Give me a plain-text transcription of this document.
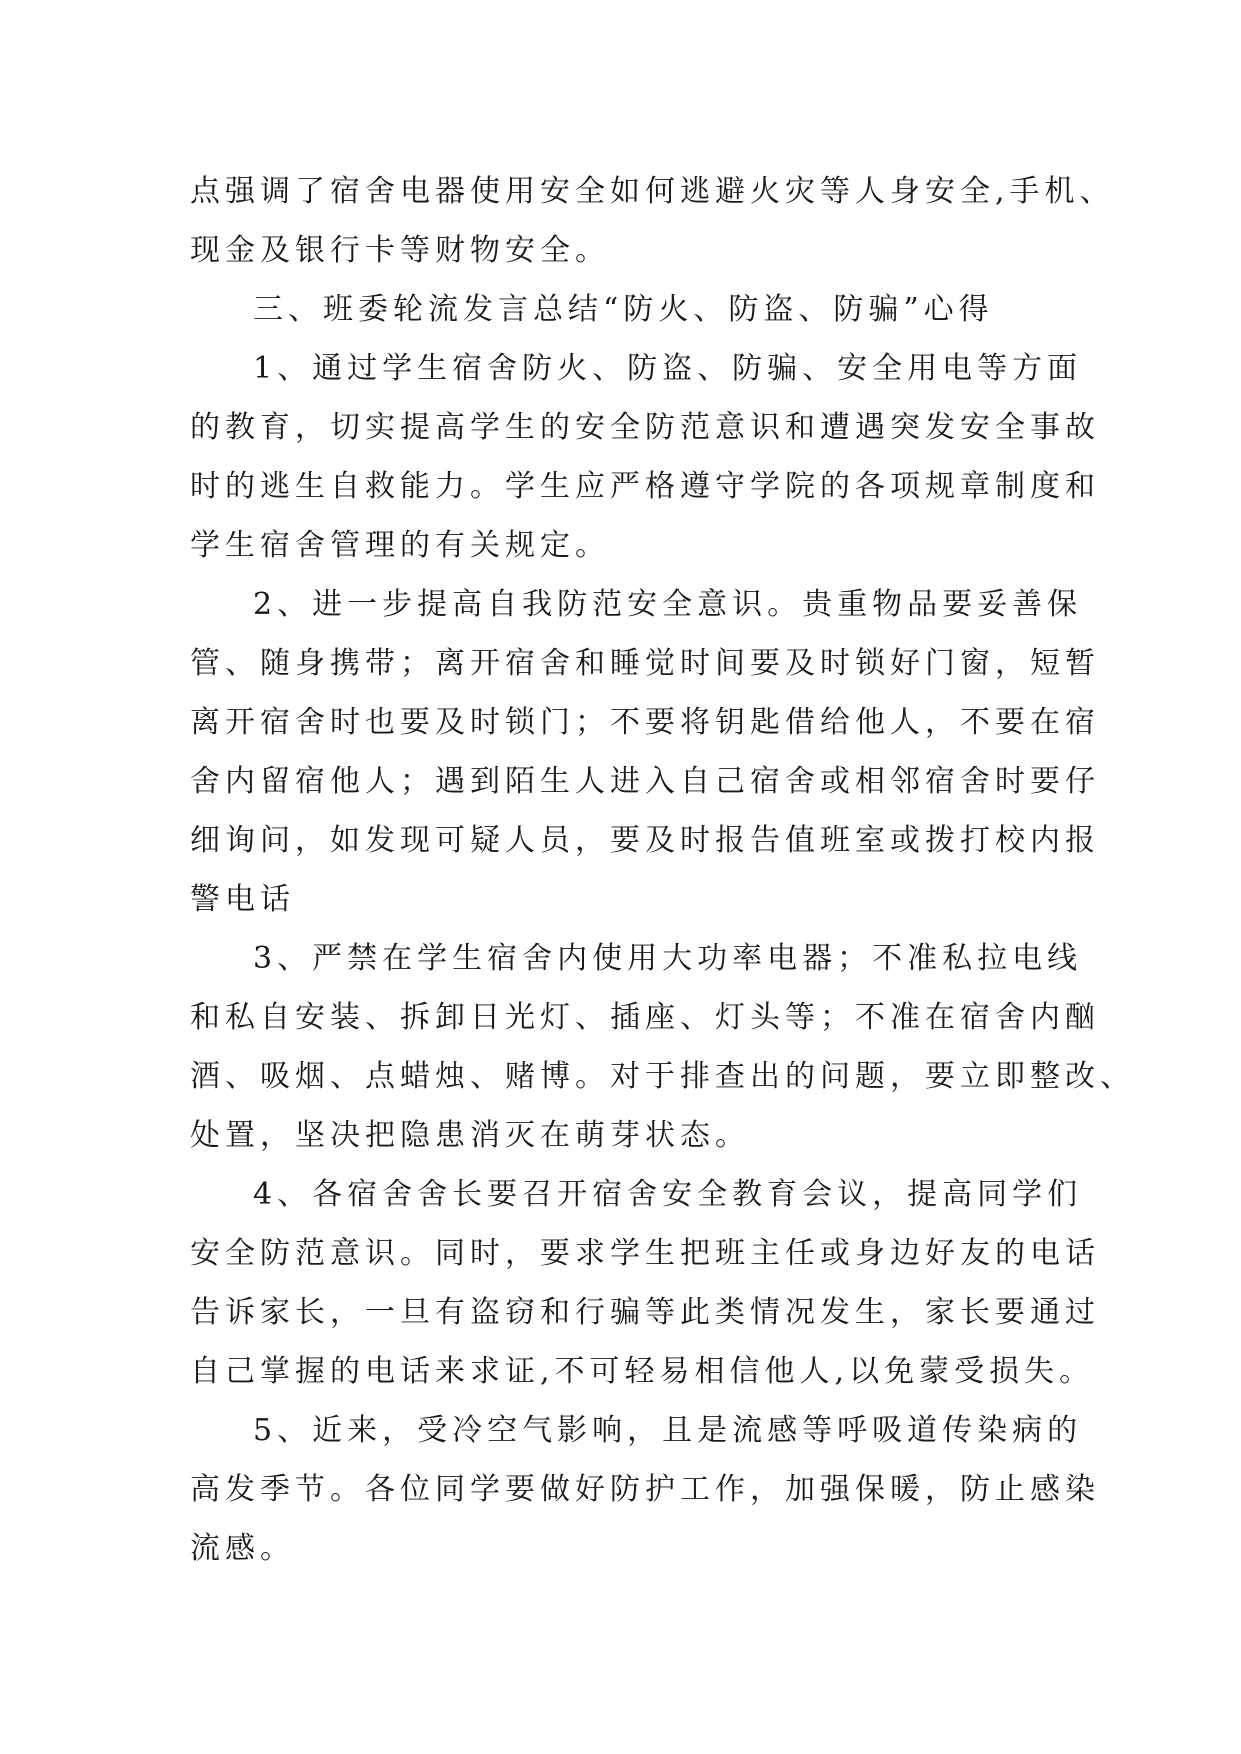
点强调了宿舍电器使用安全如何逃避火灾等人身安全,手机、
现金及银行卡等财物安全。

三、班委轮流发言总结“防火、防盗、防骗”心得

1、通过学生宿舍防火、防盗、防骗、安全用电等方面
的教育，切实提高学生的安全防范意识和遭遇突发安全事故
时的逃生自救能力。学生应严格遵守学院的各项规章制度和
学生宿舍管理的有关规定。

2、进一步提高自我防范安全意识。贵重物品要妥善保
管、随身携带；离开宿舍和睡觉时间要及时锁好门窗，短暂
离开宿舍时也要及时锁门；不要将钥匙借给他人，不要在宿
舍内留宿他人；遇到陌生人进入自己宿舍或相邻宿舍时要仔
细询问，如发现可疑人员，要及时报告值班室或拨打校内报
警电话

3、严禁在学生宿舍内使用大功率电器；不准私拉电线
和私自安装、拆卸日光灯、插座、灯头等；不准在宿舍内酗
酒、吸烟、点蜡烛、赌博。对于排查出的问题，要立即整改、
处置，坚决把隐患消灭在萌芽状态。

4、各宿舍舍长要召开宿舍安全教育会议，提高同学们
安全防范意识。同时，要求学生把班主任或身边好友的电话
告诉家长，一旦有盗窃和行骗等此类情况发生，家长要通过
自己掌握的电话来求证,不可轻易相信他人,以免蒙受损失。

5、近来，受冷空气影响，且是流感等呼吸道传染病的
高发季节。各位同学要做好防护工作，加强保暖，防止感染
流感。
